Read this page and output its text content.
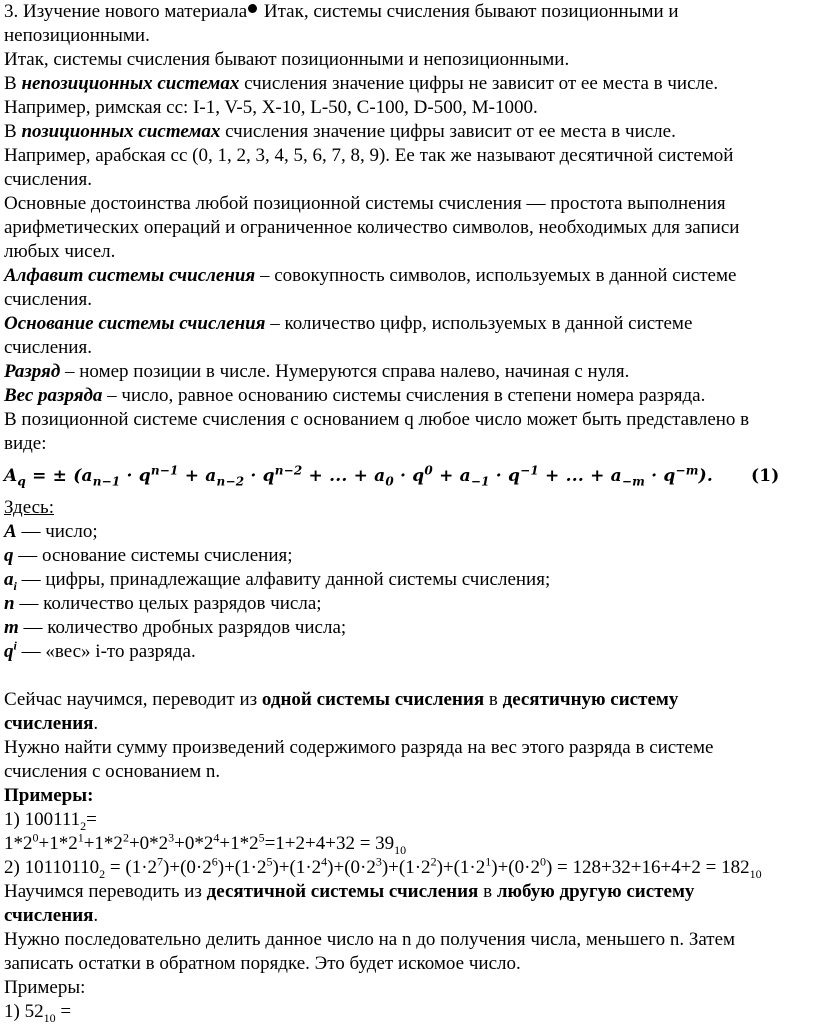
3. Изучение нового материала Итак, системы счисления бывают позиционными и

непозиционными.

Итак, системы счисления бывают позиционными и непозиционными.

В непозиционных системах счисления значение цифры не зависит от ее места в числе.

Например, римская сс: I-1, V-5, X-10, L-50, C-100, D-500, M-1000.

В позиционных системах счисления значение цифры зависит от ее места в числе.

Например, арабская сс (0, 1, 2, 3, 4, 5, 6, 7, 8, 9). Ее так же называют десятичной системой

счисления.

Основные достоинства любой позиционной системы счисления — простота выполнения

арифметических операций и ограниченное количество символов, необходимых для записи

любых чисел.

Алфавит системы счисления – совокупность символов, используемых в данной системе

счисления.

Основание системы счисления – количество цифр, используемых в данной системе

счисления.

Разряд – номер позиции в числе. Нумеруются справа налево, начиная с нуля.

Вес разряда – число, равное основанию системы счисления в степени номера разряда.

В позиционной системе счисления с основанием q любое число может быть представлено в

виде:

$A_q$ = ± ($a_{n-1} \cdot q^{n-1} + a_{n-2} \cdot q^{n-2}$ + ... + $a_0 \cdot q^0 + a_{-1} \cdot q^{-1}$ + ... + $a_{-m} \cdot q^{-m}$). (1)

Здесь:

A — число;

q — основание системы счисления;

$a_i$ — цифры, принадлежащие алфавиту данной системы счисления;

n — количество целых разрядов числа;

m — количество дробных разрядов числа;

$q^i$ — «вес» i-то разряда.

Сейчас научимся, переводит из одной системы счисления в десятичную систему

счисления.

Нужно найти сумму произведений содержимого разряда на вес этого разряда в системе

счисления с основанием n.

Примеры:

1) $100111_2=$

$1*2^0+1*2^1+1*2^2+0*2^3+0*2^4+1*2^5=1+2+4+32 = 39_{10}$

2) $10110110_2 = (1\cdot 2^7)+(0\cdot 2^6)+(1\cdot 2^5)+(1\cdot 2^4)+(0\cdot 2^3)+(1\cdot 2^2)+(1\cdot 2^1)+(0\cdot 2^0) = 128+32+16+4+2 = 182_{10}$

Научимся переводить из десятичной системы счисления в любую другую систему

счисления.

Нужно последовательно делить данное число на n до получения числа, меньшего n. Затем

записать остатки в обратном порядке. Это будет искомое число.

Примеры:

1) $52_{10}$ =
